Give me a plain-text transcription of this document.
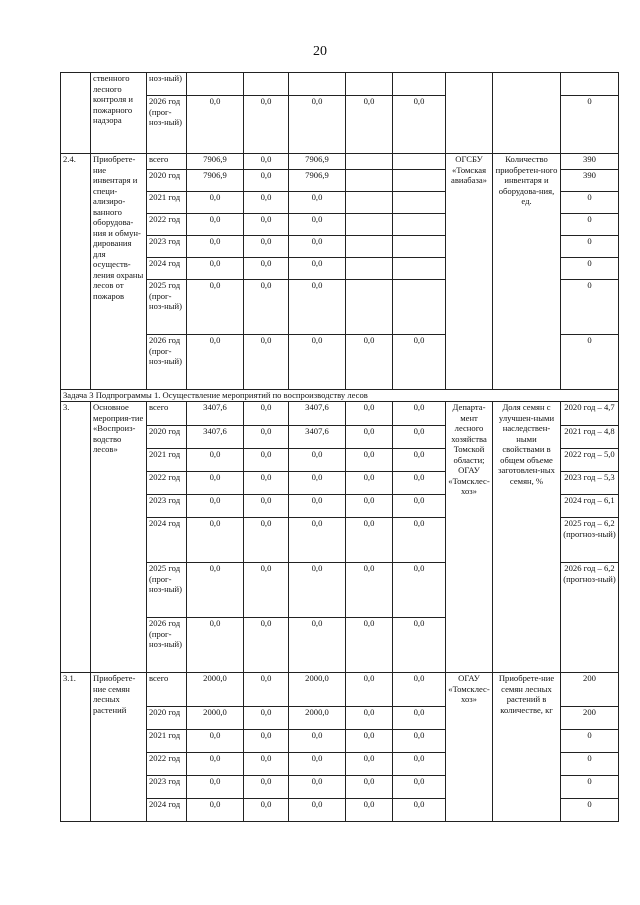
20
	ственного лесного контроля и пожарного надзора	ноз-ный)								
		2026 год (прог-ноз-ный)	0,0	0,0	0,0	0,0	0,0			0
2.4.	Приобрете-ние инвентаря и специ-ализиро-ванного оборудова-ния и обмун-дирования для осуществ-ления охраны лесов от пожаров	всего	7906,9	0,0	7906,9			ОГСБУ «Томская авиабаза»	Количество приобретен-ного инвентаря и оборудова-ния, ед.	390
		2020 год	7906,9	0,0	7906,9					390
		2021 год	0,0	0,0	0,0					0
		2022 год	0,0	0,0	0,0					0
		2023 год	0,0	0,0	0,0					0
		2024 год	0,0	0,0	0,0					0
		2025 год (прог-ноз-ный)	0,0	0,0	0,0					0
		2026 год (прог-ноз-ный)	0,0	0,0	0,0	0,0	0,0			0
Задача 3 Подпрограммы 1. Осуществление мероприятий по воспроизводству лесов										
3.	Основное мероприя-тие «Воспроиз-водство лесов»	всего	3407,6	0,0	3407,6	0,0	0,0	Департа-мент лесного хозяйства Томской области; ОГАУ «Томсклес-хоз»	Доля семян с улучшен-ными наследствен-ными свойствами в общем объеме заготовлен-ных семян, %	2020 год – 4,7
		2020 год	3407,6	0,0	3407,6	0,0	0,0			2021 год – 4,8
		2021 год	0,0	0,0	0,0	0,0	0,0			2022 год – 5,0
		2022 год	0,0	0,0	0,0	0,0	0,0			2023 год – 5,3
		2023 год	0,0	0,0	0,0	0,0	0,0			2024 год – 6,1
		2024 год	0,0	0,0	0,0	0,0	0,0			2025 год – 6,2 (прогноз-ный)
		2025 год (прог-ноз-ный)	0,0	0,0	0,0	0,0	0,0			2026 год – 6,2 (прогноз-ный)
		2026 год (прог-ноз-ный)	0,0	0,0	0,0	0,0	0,0			
3.1.	Приобрете-ние семян лесных растений	всего	2000,0	0,0	2000,0	0,0	0,0	ОГАУ «Томсклес-хоз»	Приобрете-ние семян лесных растений в количестве, кг	200
		2020 год	2000,0	0,0	2000,0	0,0	0,0			200
		2021 год	0,0	0,0	0,0	0,0	0,0			0
		2022 год	0,0	0,0	0,0	0,0	0,0			0
		2023 год	0,0	0,0	0,0	0,0	0,0			0
		2024 год	0,0	0,0	0,0	0,0	0,0			0
